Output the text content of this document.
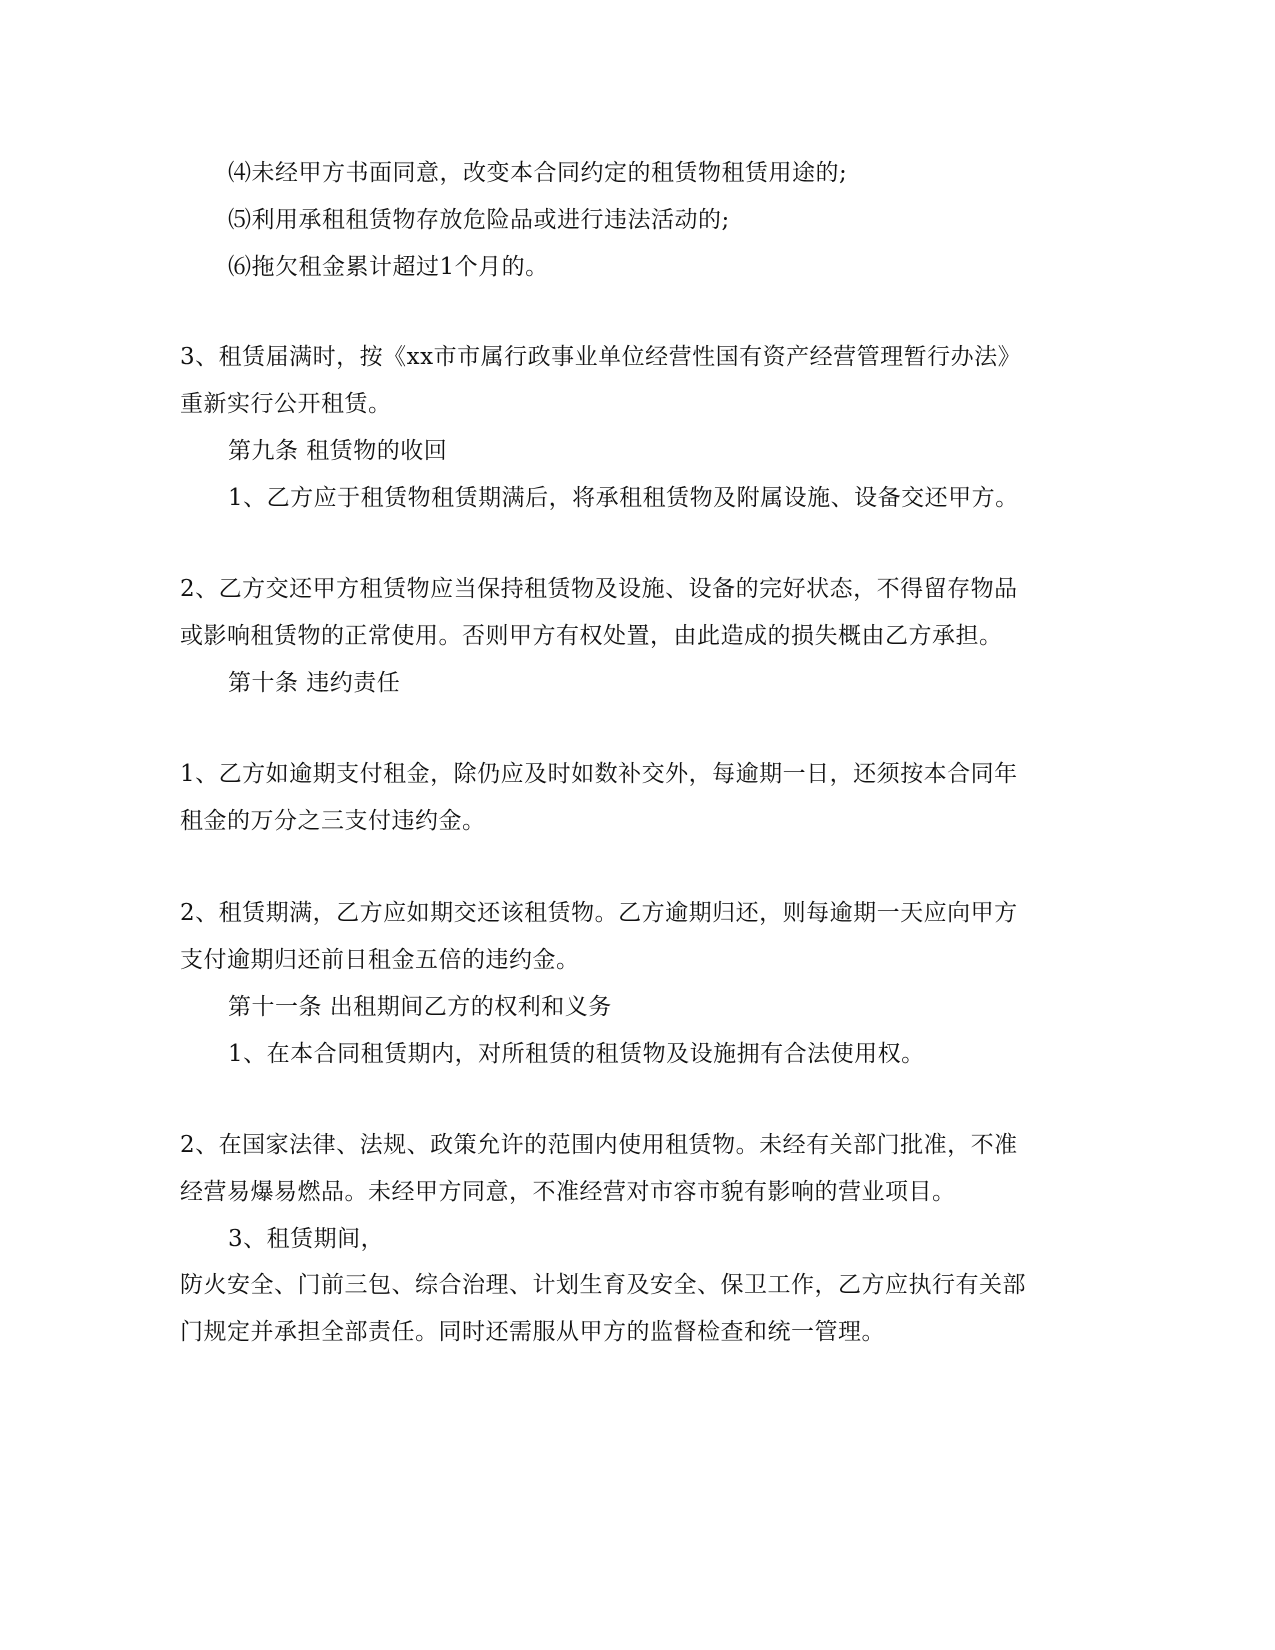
⑷未经甲方书面同意，改变本合同约定的租赁物租赁用途的;
⑸利用承租租赁物存放危险品或进行违法活动的;
⑹拖欠租金累计超过1个月的。
3、租赁届满时，按《xx市市属行政事业单位经营性国有资产经营管理暂行办法》
重新实行公开租赁。
第九条 租赁物的收回
1、乙方应于租赁物租赁期满后，将承租租赁物及附属设施、设备交还甲方。
2、乙方交还甲方租赁物应当保持租赁物及设施、设备的完好状态，不得留存物品
或影响租赁物的正常使用。否则甲方有权处置，由此造成的损失概由乙方承担。
第十条 违约责任
1、乙方如逾期支付租金，除仍应及时如数补交外，每逾期一日，还须按本合同年
租金的万分之三支付违约金。
2、租赁期满，乙方应如期交还该租赁物。乙方逾期归还，则每逾期一天应向甲方
支付逾期归还前日租金五倍的违约金。
第十一条 出租期间乙方的权利和义务
1、在本合同租赁期内，对所租赁的租赁物及设施拥有合法使用权。
2、在国家法律、法规、政策允许的范围内使用租赁物。未经有关部门批准，不准
经营易爆易燃品。未经甲方同意，不准经营对市容市貌有影响的营业项目。
3、租赁期间，
防火安全、门前三包、综合治理、计划生育及安全、保卫工作，乙方应执行有关部
门规定并承担全部责任。同时还需服从甲方的监督检查和统一管理。
